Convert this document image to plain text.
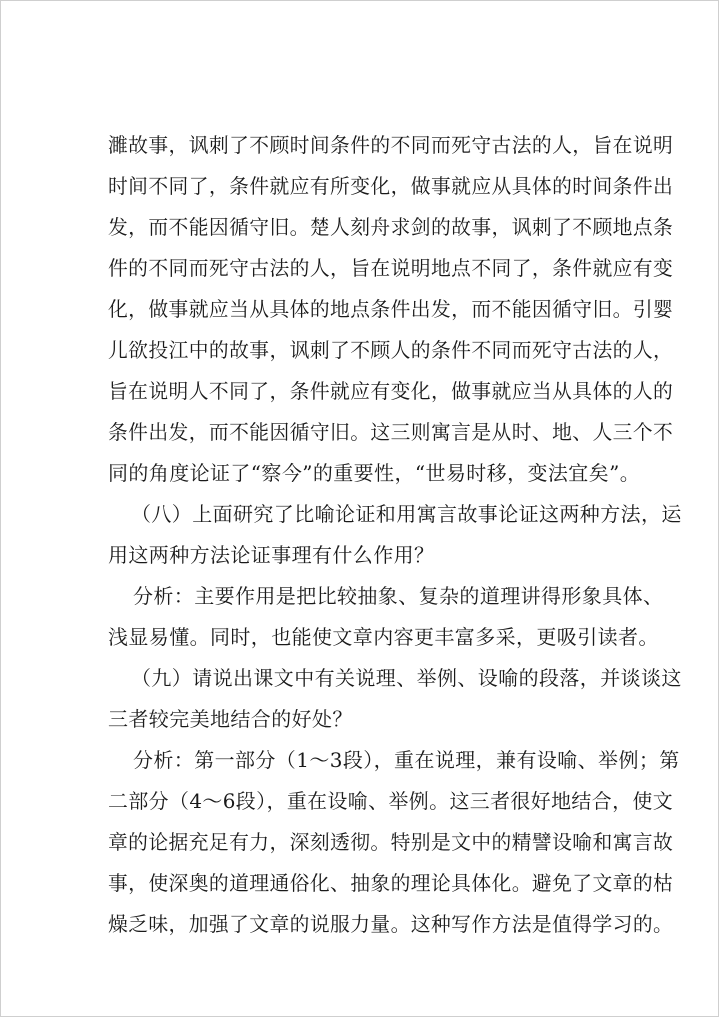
濉故事，讽刺了不顾时间条件的不同而死守古法的人，旨在说明
时间不同了，条件就应有所变化，做事就应从具体的时间条件出
发，而不能因循守旧。楚人刻舟求剑的故事，讽刺了不顾地点条
件的不同而死守古法的人，旨在说明地点不同了，条件就应有变
化，做事就应当从具体的地点条件出发，而不能因循守旧。引婴
儿欲投江中的故事，讽刺了不顾人的条件不同而死守古法的人，
旨在说明人不同了，条件就应有变化，做事就应当从具体的人的
条件出发，而不能因循守旧。这三则寓言是从时、地、人三个不
同的角度论证了“察今”的重要性，“世易时移，变法宜矣”。
（八）上面研究了比喻论证和用寓言故事论证这两种方法，运
用这两种方法论证事理有什么作用？
分析：主要作用是把比较抽象、复杂的道理讲得形象具体、
浅显易懂。同时，也能使文章内容更丰富多采，更吸引读者。
（九）请说出课文中有关说理、举例、设喻的段落，并谈谈这
三者较完美地结合的好处？
分析：第一部分（1～3段），重在说理，兼有设喻、举例；第
二部分（4～6段），重在设喻、举例。这三者很好地结合，使文
章的论据充足有力，深刻透彻。特别是文中的精譬设喻和寓言故
事，使深奥的道理通俗化、抽象的理论具体化。避免了文章的枯
燥乏味，加强了文章的说服力量。这种写作方法是值得学习的。
